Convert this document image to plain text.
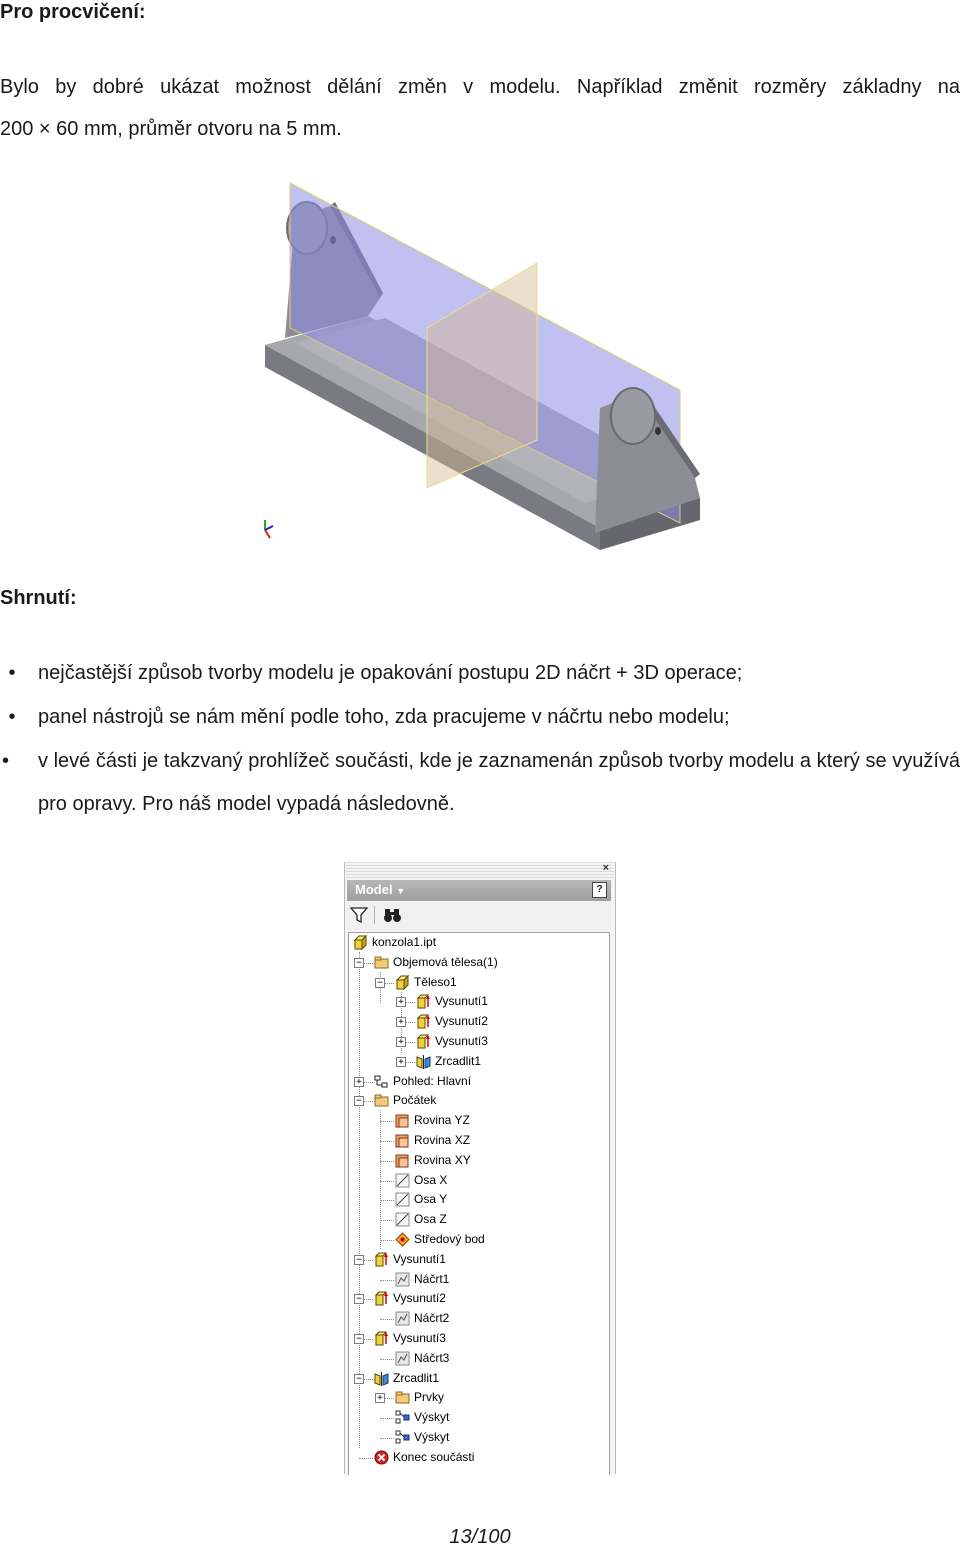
Pro procvičení:
Bylo by dobré ukázat možnost dělání změn v modelu. Například změnit rozměry základny na
200 × 60 mm, průměr otvoru na 5 mm.
Shrnutí:
•	nejčastější způsob tvorby modelu je opakování postupu 2D náčrt + 3D operace;
•	panel nástrojů se nám mění podle toho, zda pracujeme v náčrtu nebo modelu;
•	v levé části je takzvaný prohlížeč součásti, kde je zaznamenán způsob tvorby modelu a který se využívá pro opravy. Pro náš model vypadá následovně.
×
Model ▼	?
konzola1.ipt
−	Objemová tělesa(1)
−	Těleso1
+	Vysunutí1
+	Vysunutí2
+	Vysunutí3
+	Zrcadlit1
+	Pohled: Hlavní
−	Počátek
Rovina YZ
Rovina XZ
Rovina XY
Osa X
Osa Y
Osa Z
Středový bod
−	Vysunutí1
Náčrt1
−	Vysunutí2
Náčrt2
−	Vysunutí3
Náčrt3
−	Zrcadlit1
+	Prvky
Výskyt
Výskyt
Konec součásti
13/100
